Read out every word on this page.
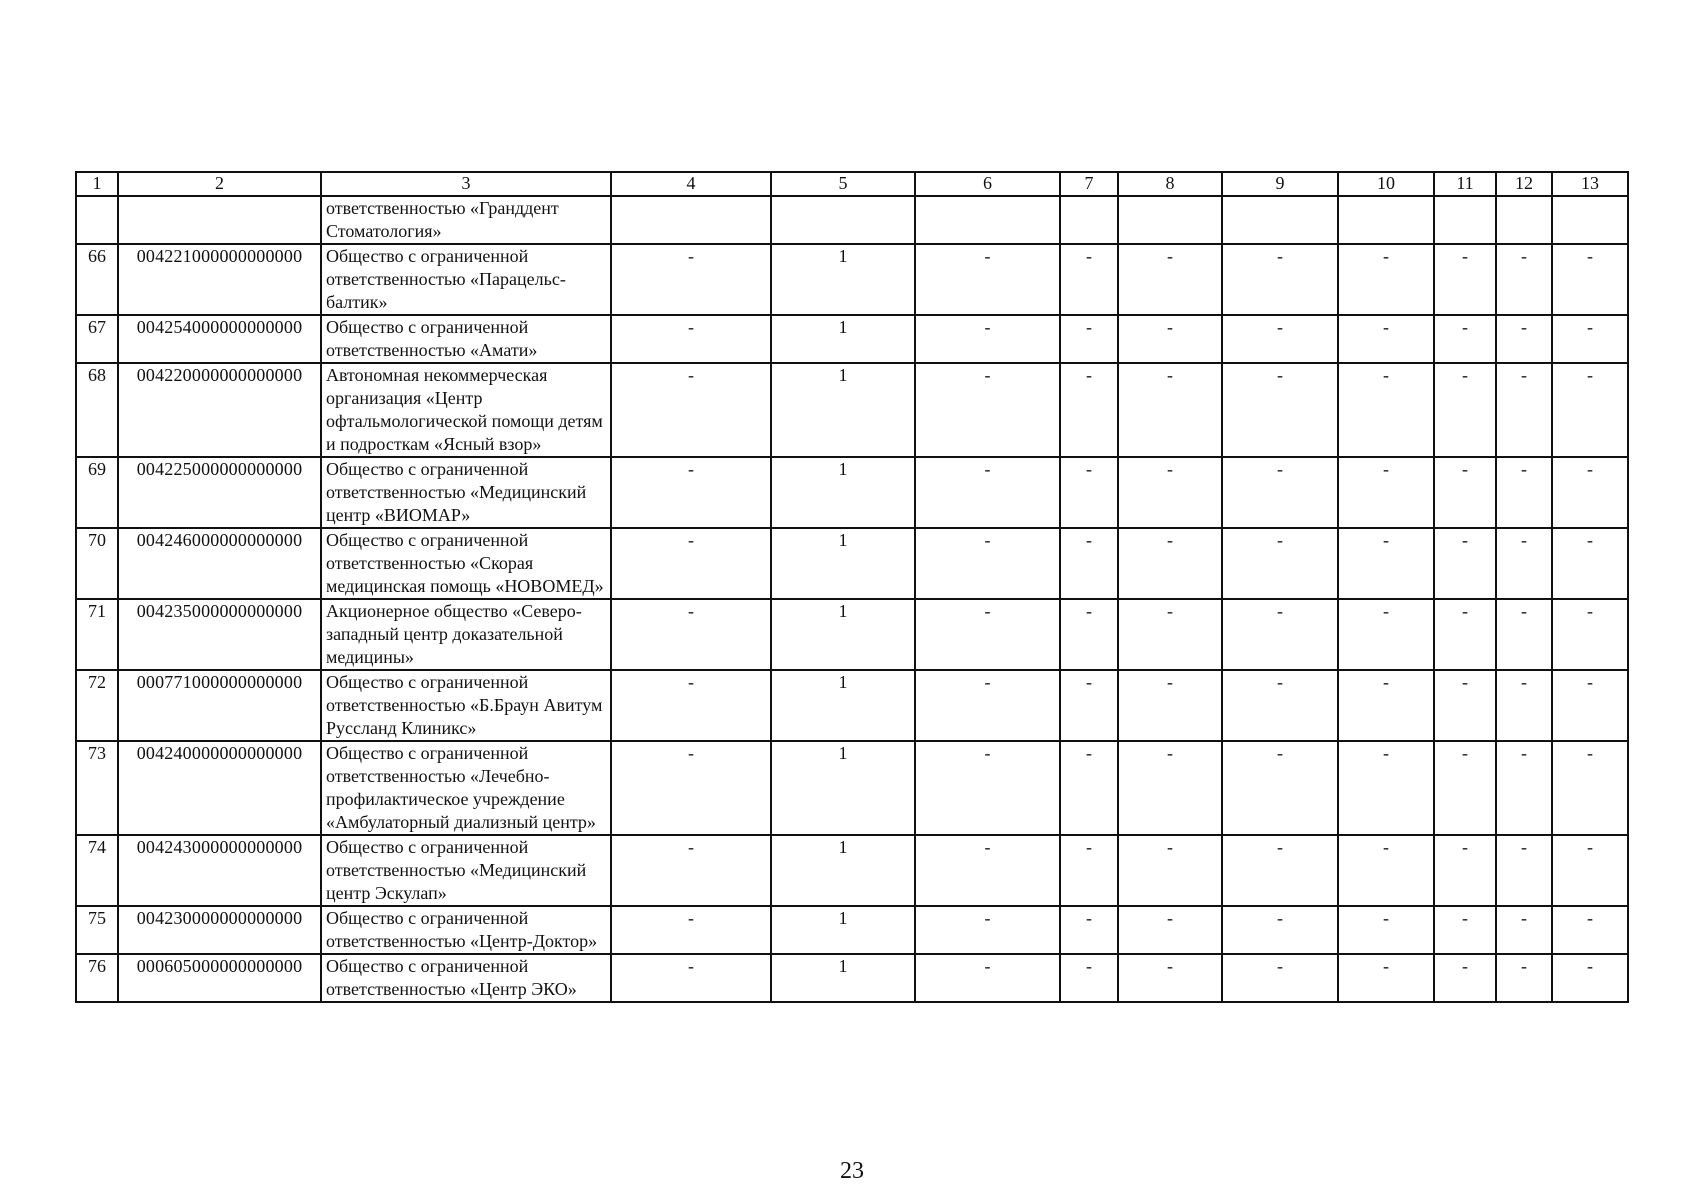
1	2	3	4	5	6	7	8	9	10	11	12	13
		ответственностью «Гранддент Стоматология»										
66	004221000000000000	Общество с ограниченной ответственностью «Парацельс-балтик»	-	1	-	-	-	-	-	-	-	-
67	004254000000000000	Общество с ограниченной ответственностью «Амати»	-	1	-	-	-	-	-	-	-	-
68	004220000000000000	Автономная некоммерческая организация «Центр офтальмологической помощи детям и подросткам «Ясный взор»	-	1	-	-	-	-	-	-	-	-
69	004225000000000000	Общество с ограниченной ответственностью «Медицинский центр «ВИОМАР»	-	1	-	-	-	-	-	-	-	-
70	004246000000000000	Общество с ограниченной ответственностью «Скорая медицинская помощь «НОВОМЕД»	-	1	-	-	-	-	-	-	-	-
71	004235000000000000	Акционерное общество «Северо-западный центр доказательной медицины»	-	1	-	-	-	-	-	-	-	-
72	000771000000000000	Общество с ограниченной ответственностью «Б.Браун Авитум Руссланд Клиникс»	-	1	-	-	-	-	-	-	-	-
73	004240000000000000	Общество с ограниченной ответственностью «Лечебно-профилактическое учреждение «Амбулаторный диализный центр»	-	1	-	-	-	-	-	-	-	-
74	004243000000000000	Общество с ограниченной ответственностью «Медицинский центр Эскулап»	-	1	-	-	-	-	-	-	-	-
75	004230000000000000	Общество с ограниченной ответственностью «Центр-Доктор»	-	1	-	-	-	-	-	-	-	-
76	000605000000000000	Общество с ограниченной ответственностью «Центр ЭКО»	-	1	-	-	-	-	-	-	-	-
23
